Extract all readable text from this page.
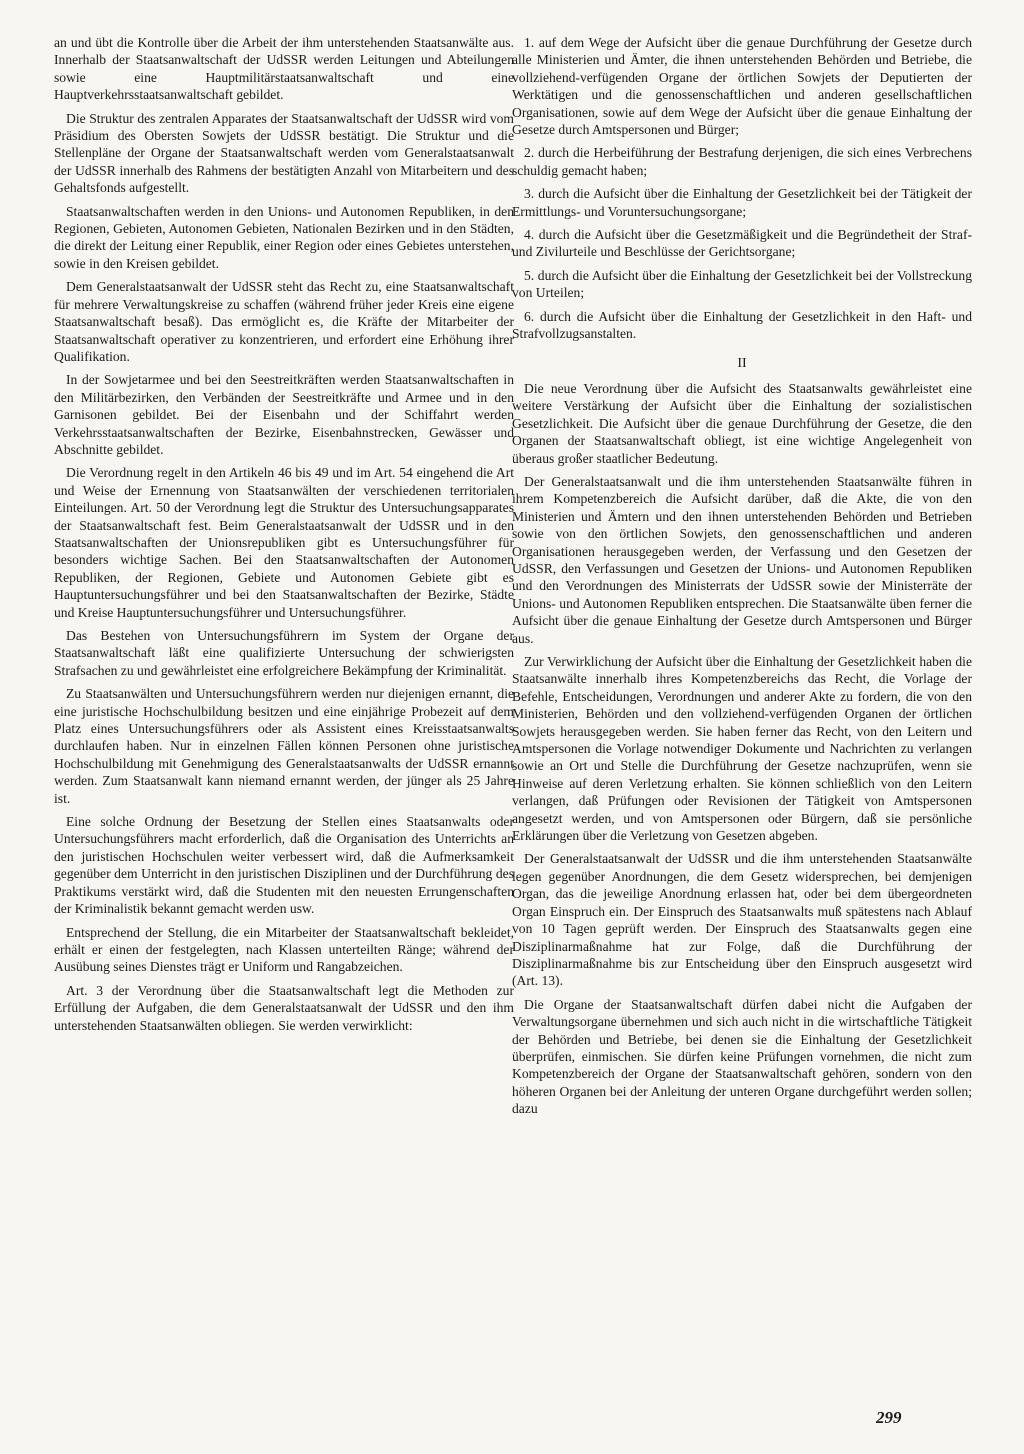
an und übt die Kontrolle über die Arbeit der ihm unterstehenden Staatsanwälte aus. Innerhalb der Staatsanwaltschaft der UdSSR werden Leitungen und Abteilungen sowie eine Hauptmilitärstaatsanwaltschaft und eine Hauptverkehrsstaatsanwaltschaft gebildet.

Die Struktur des zentralen Apparates der Staatsanwaltschaft der UdSSR wird vom Präsidium des Obersten Sowjets der UdSSR bestätigt. Die Struktur und die Stellenpläne der Organe der Staatsanwaltschaft werden vom Generalstaatsanwalt der UdSSR innerhalb des Rahmens der bestätigten Anzahl von Mitarbeitern und des Gehaltsfonds aufgestellt.

Staatsanwaltschaften werden in den Unions- und Autonomen Republiken, in den Regionen, Gebieten, Autonomen Gebieten, Nationalen Bezirken und in den Städten, die direkt der Leitung einer Republik, einer Region oder eines Gebietes unterstehen, sowie in den Kreisen gebildet.

Dem Generalstaatsanwalt der UdSSR steht das Recht zu, eine Staatsanwaltschaft für mehrere Verwaltungskreise zu schaffen (während früher jeder Kreis eine eigene Staatsanwaltschaft besaß). Das ermöglicht es, die Kräfte der Mitarbeiter der Staatsanwaltschaft operativer zu konzentrieren, und erfordert eine Erhöhung ihrer Qualifikation.

In der Sowjetarmee und bei den Seestreitkräften werden Staatsanwaltschaften in den Militärbezirken, den Verbänden der Seestreitkräfte und Armee und in den Garnisonen gebildet. Bei der Eisenbahn und der Schiffahrt werden Verkehrsstaatsanwaltschaften der Bezirke, Eisenbahnstrecken, Gewässer und Abschnitte gebildet.

Die Verordnung regelt in den Artikeln 46 bis 49 und im Art. 54 eingehend die Art und Weise der Ernennung von Staatsanwälten der verschiedenen territorialen Einteilungen. Art. 50 der Verordnung legt die Struktur des Untersuchungsapparates der Staatsanwaltschaft fest. Beim Generalstaatsanwalt der UdSSR und in den Staatsanwaltschaften der Unionsrepubliken gibt es Untersuchungsführer für besonders wichtige Sachen. Bei den Staatsanwaltschaften der Autonomen Republiken, der Regionen, Gebiete und Autonomen Gebiete gibt es Hauptuntersuchungsführer und bei den Staatsanwaltschaften der Bezirke, Städte und Kreise Hauptuntersuchungsführer und Untersuchungsführer.

Das Bestehen von Untersuchungsführern im System der Organe der Staatsanwaltschaft läßt eine qualifizierte Untersuchung der schwierigsten Strafsachen zu und gewährleistet eine erfolgreichere Bekämpfung der Kriminalität.

Zu Staatsanwälten und Untersuchungsführern werden nur diejenigen ernannt, die eine juristische Hochschulbildung besitzen und eine einjährige Probezeit auf dem Platz eines Untersuchungsführers oder als Assistent eines Kreisstaatsanwalts durchlaufen haben. Nur in einzelnen Fällen können Personen ohne juristische Hochschulbildung mit Genehmigung des Generalstaatsanwalts der UdSSR ernannt werden. Zum Staatsanwalt kann niemand ernannt werden, der jünger als 25 Jahre ist.

Eine solche Ordnung der Besetzung der Stellen eines Staatsanwalts oder Untersuchungsführers macht erforderlich, daß die Organisation des Unterrichts an den juristischen Hochschulen weiter verbessert wird, daß die Aufmerksamkeit gegenüber dem Unterricht in den juristischen Disziplinen und der Durchführung des Praktikums verstärkt wird, daß die Studenten mit den neuesten Errungenschaften der Kriminalistik bekannt gemacht werden usw.

Entsprechend der Stellung, die ein Mitarbeiter der Staatsanwaltschaft bekleidet, erhält er einen der festgelegten, nach Klassen unterteilten Ränge; während der Ausübung seines Dienstes trägt er Uniform und Rangabzeichen.

Art. 3 der Verordnung über die Staatsanwaltschaft legt die Methoden zur Erfüllung der Aufgaben, die dem Generalstaatsanwalt der UdSSR und den ihm unterstehenden Staatsanwälten obliegen. Sie werden verwirklicht:

1. auf dem Wege der Aufsicht über die genaue Durchführung der Gesetze durch alle Ministerien und Ämter, die ihnen unterstehenden Behörden und Betriebe, die vollziehend-verfügenden Organe der örtlichen Sowjets der Deputierten der Werktätigen und die genossenschaftlichen und anderen gesellschaftlichen Organisationen, sowie auf dem Wege der Aufsicht über die genaue Einhaltung der Gesetze durch Amtspersonen und Bürger;

2. durch die Herbeiführung der Bestrafung derjenigen, die sich eines Verbrechens schuldig gemacht haben;

3. durch die Aufsicht über die Einhaltung der Gesetzlichkeit bei der Tätigkeit der Ermittlungs- und Voruntersuchungsorgane;

4. durch die Aufsicht über die Gesetzmäßigkeit und die Begründetheit der Straf- und Zivilurteile und Beschlüsse der Gerichtsorgane;

5. durch die Aufsicht über die Einhaltung der Gesetzlichkeit bei der Vollstreckung von Urteilen;

6. durch die Aufsicht über die Einhaltung der Gesetzlichkeit in den Haft- und Strafvollzugsanstalten.

II

Die neue Verordnung über die Aufsicht des Staatsanwalts gewährleistet eine weitere Verstärkung der Aufsicht über die Einhaltung der sozialistischen Gesetzlichkeit. Die Aufsicht über die genaue Durchführung der Gesetze, die den Organen der Staatsanwaltschaft obliegt, ist eine wichtige Angelegenheit von überaus großer staatlicher Bedeutung.

Der Generalstaatsanwalt und die ihm unterstehenden Staatsanwälte führen in ihrem Kompetenzbereich die Aufsicht darüber, daß die Akte, die von den Ministerien und Ämtern und den ihnen unterstehenden Behörden und Betrieben sowie von den örtlichen Sowjets, den genossenschaftlichen und anderen Organisationen herausgegeben werden, der Verfassung und den Gesetzen der UdSSR, den Verfassungen und Gesetzen der Unions- und Autonomen Republiken und den Verordnungen des Ministerrats der UdSSR sowie der Ministerräte der Unions- und Autonomen Republiken entsprechen. Die Staatsanwälte üben ferner die Aufsicht über die genaue Einhaltung der Gesetze durch Amtspersonen und Bürger aus.

Zur Verwirklichung der Aufsicht über die Einhaltung der Gesetzlichkeit haben die Staatsanwälte innerhalb ihres Kompetenzbereichs das Recht, die Vorlage der Befehle, Entscheidungen, Verordnungen und anderer Akte zu fordern, die von den Ministerien, Behörden und den vollziehend-verfügenden Organen der örtlichen Sowjets herausgegeben werden. Sie haben ferner das Recht, von den Leitern und Amtspersonen die Vorlage notwendiger Dokumente und Nachrichten zu verlangen sowie an Ort und Stelle die Durchführung der Gesetze nachzuprüfen, wenn sie Hinweise auf deren Verletzung erhalten. Sie können schließlich von den Leitern verlangen, daß Prüfungen oder Revisionen der Tätigkeit von Amtspersonen angesetzt werden, und von Amtspersonen oder Bürgern, daß sie persönliche Erklärungen über die Verletzung von Gesetzen abgeben.

Der Generalstaatsanwalt der UdSSR und die ihm unterstehenden Staatsanwälte legen gegenüber Anordnungen, die dem Gesetz widersprechen, bei demjenigen Organ, das die jeweilige Anordnung erlassen hat, oder bei dem übergeordneten Organ Einspruch ein. Der Einspruch des Staatsanwalts muß spätestens nach Ablauf von 10 Tagen geprüft werden. Der Einspruch des Staatsanwalts gegen eine Disziplinarmaßnahme hat zur Folge, daß die Durchführung der Disziplinarmaßnahme bis zur Entscheidung über den Einspruch ausgesetzt wird (Art. 13).

Die Organe der Staatsanwaltschaft dürfen dabei nicht die Aufgaben der Verwaltungsorgane übernehmen und sich auch nicht in die wirtschaftliche Tätigkeit der Behörden und Betriebe, bei denen sie die Einhaltung der Gesetzlichkeit überprüfen, einmischen. Sie dürfen keine Prüfungen vornehmen, die nicht zum Kompetenzbereich der Organe der Staatsanwaltschaft gehören, sondern von den höheren Organen bei der Anleitung der unteren Organe durchgeführt werden sollen; dazu

299
